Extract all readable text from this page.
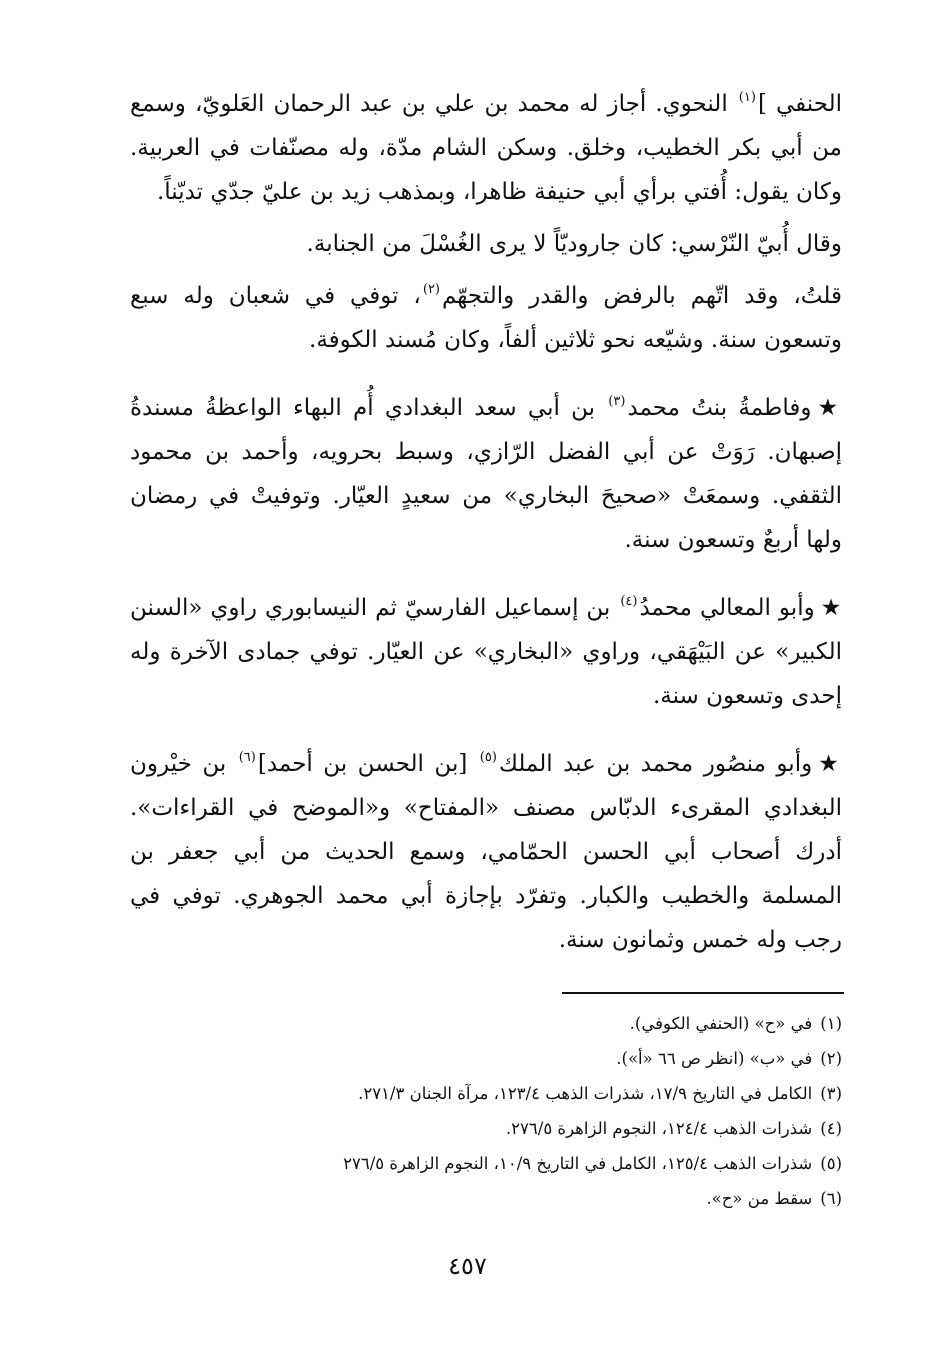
الحنفي ]$^{(١)}$ النحوي. أجاز له محمد بن علي بن عبد الرحمان العَلويّ، وسمع من أبي بكر الخطيب، وخلق. وسكن الشام مدّة، وله مصنّفات في العربية. وكان يقول: أُفتي برأي أبي حنيفة ظاهرا، وبمذهب زيد بن عليّ جدّي تديّناً.

وقال أُبيّ النّرْسي: كان جاروديّاً لا يرى الغُسْلَ من الجنابة.

قلتُ، وقد اتّهم بالرفض والقدر والتجهّم$^{(٢)}$، توفي في شعبان وله سبع وتسعون سنة. وشيّعه نحو ثلاثين ألفاً، وكان مُسند الكوفة.

★وفاطمةُ بنتُ محمد$^{(٣)}$ بن أبي سعد البغدادي أُم البهاء الواعظةُ مسندةُ إصبهان. رَوَتْ عن أبي الفضل الرّازي، وسبط بحرويه، وأحمد بن محمود الثقفي. وسمعَتْ «صحيحَ البخاري» من سعيدٍ العيّار. وتوفيتْ في رمضان ولها أربعٌ وتسعون سنة.

★وأبو المعالي محمدُ$^{(٤)}$ بن إسماعيل الفارسيّ ثم النيسابوري راوي «السنن الكبير» عن البَيْهَقي، وراوي «البخاري» عن العيّار. توفي جمادى الآخرة وله إحدى وتسعون سنة.

★وأبو منصُور محمد بن عبد الملك$^{(٥)}$ [بن الحسن بن أحمد]$^{(٦)}$ بن خيْرون البغدادي المقرىء الدبّاس مصنف «المفتاح» و«الموضح في القراءات». أدرك أصحاب أبي الحسن الحمّامي، وسمع الحديث من أبي جعفر بن المسلمة والخطيب والكبار. وتفرّد بإجازة أبي محمد الجوهري. توفي في رجب وله خمس وثمانون سنة.

(١)في «ح» (الحنفي الكوفي).
(٢)في «ب» (انظر ص ٦٦ «أ»).
(٣)الكامل في التاريخ ١٧/٩، شذرات الذهب ١٢٣/٤، مرآة الجنان ٢٧١/٣.
(٤)شذرات الذهب ١٢٤/٤، النجوم الزاهرة ٢٧٦/٥.
(٥)شذرات الذهب ١٢٥/٤، الكامل في التاريخ ١٠/٩، النجوم الزاهرة ٢٧٦/٥
(٦)سقط من «ح».
٤٥٧
